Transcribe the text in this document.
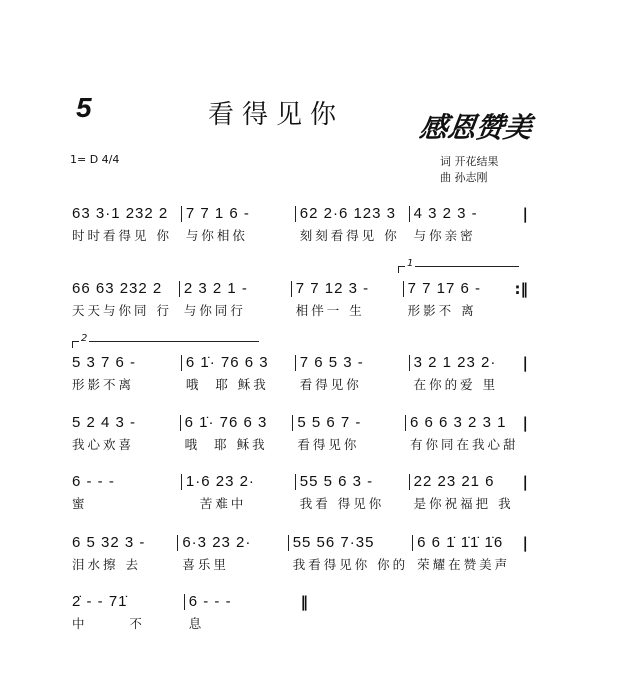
5	看得见你	感恩赞美
1= D 4/4	词 开花结果
曲 孙志刚
1
2
63 3·1 232 2
时时看得见 你
7 7 1 6 -
与你相依
62 2·6 123 3
刻刻看得见 你
4 3 2 3 -
与你亲密
|
66 63 232 2
天天与你同 行
2 3 2 1 -
与你同行
7 7 12 3 -
相伴一 生
7 7 17 6 -
形影不 离
:‖
5 3 7 6 -
形影不离
6 1̇· 76 6 3
哦  耶 稣我
7 6 5 3 -
看得见你
3 2 1 23 2·
在你的爱 里
|
5 2 4 3 -
我心欢喜
6 1̇· 76 6 3
哦  耶 稣我
5 5 6 7 -
看得见你
6 6 6 3 2 3 1
有你同在我心甜
|
6 - - -
蜜
1·6 23 2·
苦难中
55 5 6 3 -
我看 得见你
22 23 21 6
是你祝福把 我
|
6 5 32 3 -
泪水擦 去
6·3 23 2·
喜乐里
55 56 7·35
我看得见你 你的
6 6 1̇ 1̇1̇ 1̇6
荣耀在赞美声
|
2̇ - - 71̇
中      不
6 - - -
息
‖
